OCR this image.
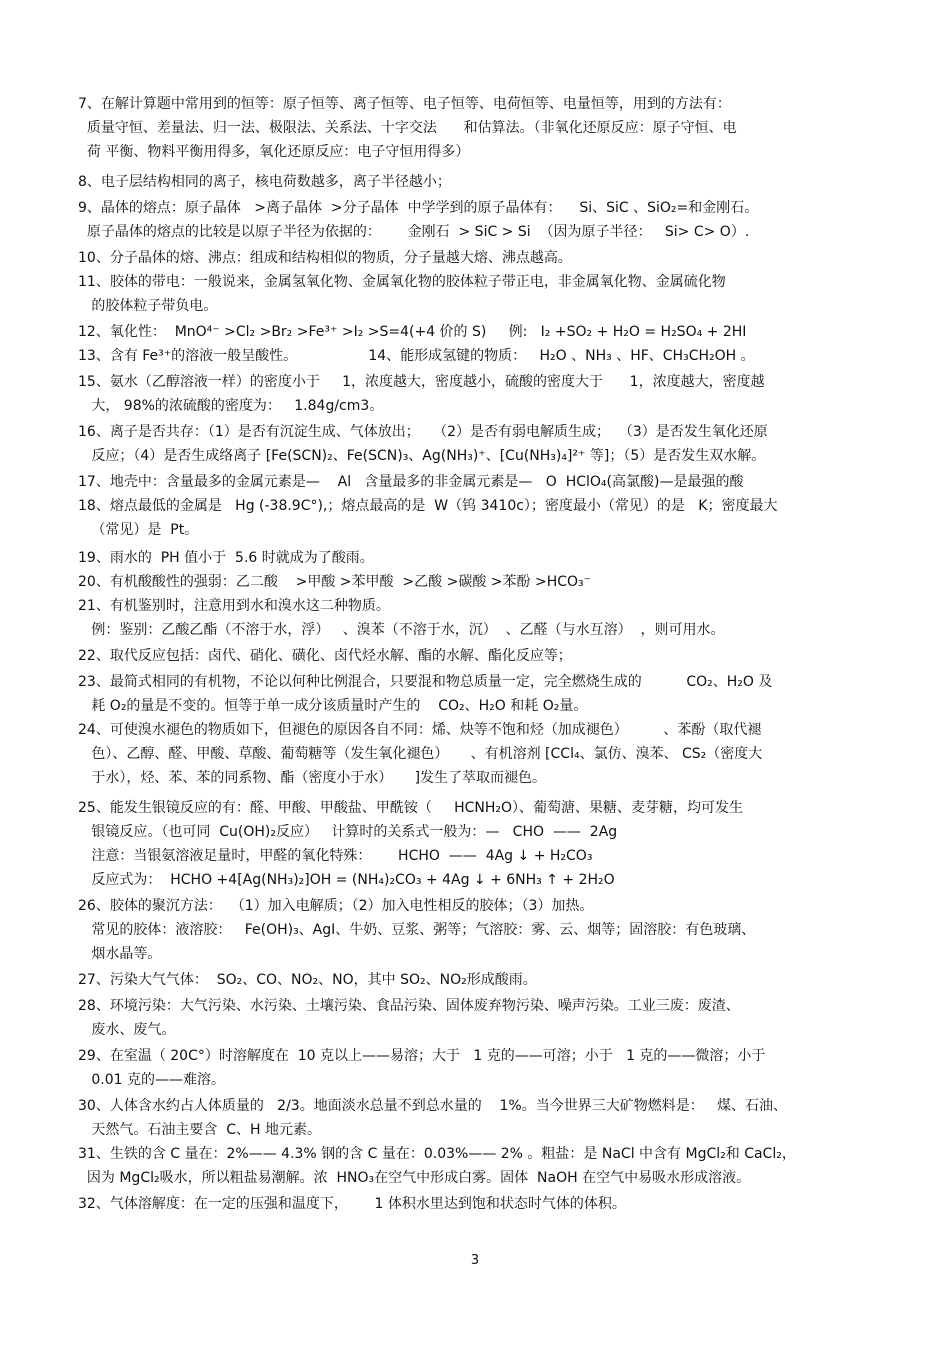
7、在解计算题中常用到的恒等：原子恒等、离子恒等、电子恒等、电荷恒等、电量恒等，用到的方法有：
质量守恒、差量法、归一法、极限法、关系法、十字交法      和估算法。（非氧化还原反应：原子守恒、电
荷 平衡、物料平衡用得多，氧化还原反应：电子守恒用得多）
8、电子层结构相同的离子，核电荷数越多，离子半径越小；
9、晶体的熔点：原子晶体   >离子晶体  >分子晶体  中学学到的原子晶体有：    Si、SiC 、SiO₂=和金刚石。
原子晶体的熔点的比较是以原子半径为依据的：      金刚石  > SiC > Si  （因为原子半径：   Si> C> O）.
10、分子晶体的熔、沸点：组成和结构相似的物质，分子量越大熔、沸点越高。
11、胶体的带电：一般说来，金属氢氧化物、金属氧化物的胶体粒子带正电，非金属氧化物、金属硫化物
的胶体粒子带负电。
12、氧化性：  MnO⁴⁻ >Cl₂ >Br₂ >Fe³⁺ >I₂ >S=4(+4 价的 S)     例:   I₂ +SO₂ + H₂O = H₂SO₄ + 2HI
13、含有 Fe³⁺的溶液一般呈酸性。                14、能形成氢键的物质：   H₂O 、NH₃ 、HF、CH₃CH₂OH 。
15、氨水（乙醇溶液一样）的密度小于     1，浓度越大，密度越小，硫酸的密度大于      1，浓度越大，密度越
大， 98%的浓硫酸的密度为：   1.84g/cm3。
16、离子是否共存：（1）是否有沉淀生成、气体放出；   （2）是否有弱电解质生成；  （3）是否发生氧化还原
反应；（4）是否生成络离子 [Fe(SCN)₂、Fe(SCN)₃、Ag(NH₃)⁺、[Cu(NH₃)₄]²⁺ 等]；（5）是否发生双水解。
17、地壳中：含量最多的金属元素是—    Al   含量最多的非金属元素是—   O  HClO₄(高氯酸)—是最强的酸
18、熔点最低的金属是   Hg (-38.9C°),；熔点最高的是  W（钨 3410c）；密度最小（常见）的是   K；密度最大
（常见）是  Pt。
19、雨水的  PH 值小于  5.6 时就成为了酸雨。
20、有机酸酸性的强弱：乙二酸    >甲酸 >苯甲酸  >乙酸 >碳酸 >苯酚 >HCO₃⁻
21、有机鉴别时，注意用到水和溴水这二种物质。
例：鉴别：乙酸乙酯（不溶于水，浮）   、溴苯（不溶于水，沉）  、乙醛（与水互溶）  ，则可用水。
22、取代反应包括：卤代、硝化、磺化、卤代烃水解、酯的水解、酯化反应等；
23、最简式相同的有机物，不论以何种比例混合，只要混和物总质量一定，完全燃烧生成的          CO₂、H₂O 及
耗 O₂的量是不变的。恒等于单一成分该质量时产生的    CO₂、H₂O 和耗 O₂量。
24、可使溴水褪色的物质如下，但褪色的原因各自不同：烯、炔等不饱和烃（加成褪色）        、苯酚（取代褪
色）、乙醇、醛、甲酸、草酸、葡萄糖等（发生氧化褪色）     、有机溶剂 [CCl₄、氯仿、溴苯、 CS₂（密度大
于水），烃、苯、苯的同系物、酯（密度小于水）     ]发生了萃取而褪色。
25、能发生银镜反应的有：醛、甲酸、甲酸盐、甲酰铵（     HCNH₂O）、葡萄溏、果糖、麦芽糖，均可发生
银镜反应。（也可同  Cu(OH)₂反应）   计算时的关系式一般为：—   CHO  ——  2Ag
注意：当银氨溶液足量时，甲醛的氧化特殊：      HCHO  ——  4Ag ↓ + H₂CO₃
反应式为：  HCHO +4[Ag(NH₃)₂]OH = (NH₄)₂CO₃ + 4Ag ↓ + 6NH₃ ↑ + 2H₂O
26、胶体的聚沉方法：  （1）加入电解质；（2）加入电性相反的胶体；（3）加热。
常见的胶体：液溶胶：   Fe(OH)₃、AgI、牛奶、豆浆、粥等；气溶胶：雾、云、烟等；固溶胶：有色玻璃、
烟水晶等。
27、污染大气气体：  SO₂、CO、NO₂、NO，其中 SO₂、NO₂形成酸雨。
28、环境污染：大气污染、水污染、土壤污染、食品污染、固体废弃物污染、噪声污染。工业三废：废渣、
废水、废气。
29、在室温（ 20C°）时溶解度在  10 克以上——易溶；大于   1 克的——可溶；小于   1 克的——微溶；小于
0.01 克的——难溶。
30、人体含水约占人体质量的   2/3。地面淡水总量不到总水量的    1%。当今世界三大矿物燃料是：   煤、石油、
天然气。石油主要含  C、H 地元素。
31、生铁的含 C 量在：2%—— 4.3% 钢的含 C 量在：0.03%—— 2% 。粗盐：是 NaCl 中含有 MgCl₂和 CaCl₂，
因为 MgCl₂吸水，所以粗盐易潮解。浓  HNO₃在空气中形成白雾。固体  NaOH 在空气中易吸水形成溶液。
32、气体溶解度：在一定的压强和温度下，      1 体积水里达到饱和状态时气体的体积。
3
